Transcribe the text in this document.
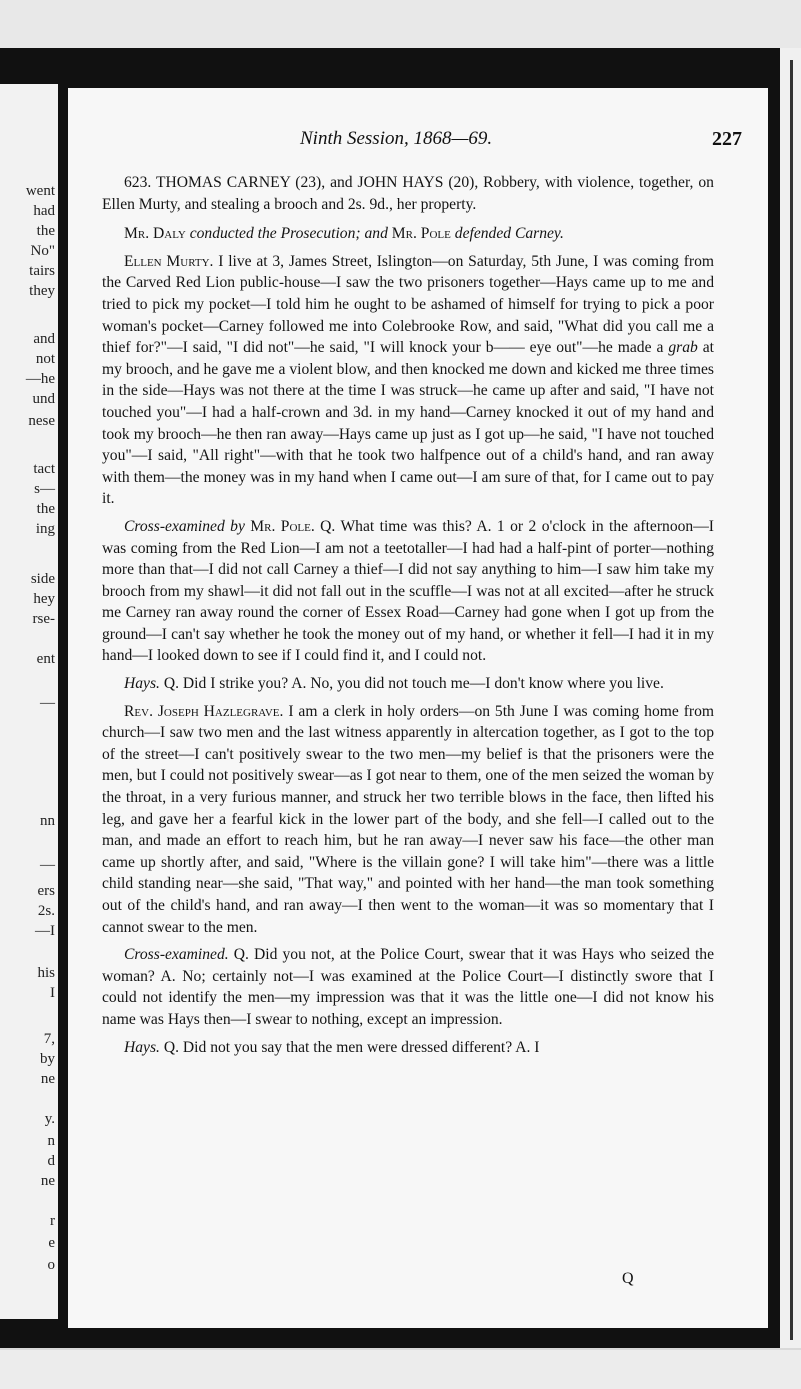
went
had
the
No"
tairs
they
and
not
—he
und
nese
tact
s—
the
ing
side
hey
rse-
ent
—
nn
—
ers
2s.
—I
his
I
7,
by
ne
y.
n
d
ne
r
e
o
Ninth Session, 1868—69.	227

623. THOMAS CARNEY (23), and JOHN HAYS (20), Robbery, with violence, together, on Ellen Murty, and stealing a brooch and 2s. 9d., her property.

Mr. Daly conducted the Prosecution; and Mr. Pole defended Carney.

Ellen Murty. I live at 3, James Street, Islington—on Saturday, 5th June, I was coming from the Carved Red Lion public-house—I saw the two prisoners together—Hays came up to me and tried to pick my pocket—I told him he ought to be ashamed of himself for trying to pick a poor woman's pocket—Carney followed me into Colebrooke Row, and said, "What did you call me a thief for?"—I said, "I did not"—he said, "I will knock your b—— eye out"—he made a grab at my brooch, and he gave me a violent blow, and then knocked me down and kicked me three times in the side—Hays was not there at the time I was struck—he came up after and said, "I have not touched you"—I had a half-crown and 3d. in my hand—Carney knocked it out of my hand and took my brooch—he then ran away—Hays came up just as I got up—he said, "I have not touched you"—I said, "All right"—with that he took two halfpence out of a child's hand, and ran away with them—the money was in my hand when I came out—I am sure of that, for I came out to pay it.

Cross-examined by Mr. Pole. Q. What time was this? A. 1 or 2 o'clock in the afternoon—I was coming from the Red Lion—I am not a teetotaller—I had had a half-pint of porter—nothing more than that—I did not call Carney a thief—I did not say anything to him—I saw him take my brooch from my shawl—it did not fall out in the scuffle—I was not at all excited—after he struck me Carney ran away round the corner of Essex Road—Carney had gone when I got up from the ground—I can't say whether he took the money out of my hand, or whether it fell—I had it in my hand—I looked down to see if I could find it, and I could not.

Hays. Q. Did I strike you? A. No, you did not touch me—I don't know where you live.

Rev. Joseph Hazlegrave. I am a clerk in holy orders—on 5th June I was coming home from church—I saw two men and the last witness apparently in altercation together, as I got to the top of the street—I can't positively swear to the two men—my belief is that the prisoners were the men, but I could not positively swear—as I got near to them, one of the men seized the woman by the throat, in a very furious manner, and struck her two terrible blows in the face, then lifted his leg, and gave her a fearful kick in the lower part of the body, and she fell—I called out to the man, and made an effort to reach him, but he ran away—I never saw his face—the other man came up shortly after, and said, "Where is the villain gone? I will take him"—there was a little child standing near—she said, "That way," and pointed with her hand—the man took something out of the child's hand, and ran away—I then went to the woman—it was so momentary that I cannot swear to the men.

Cross-examined. Q. Did you not, at the Police Court, swear that it was Hays who seized the woman? A. No; certainly not—I was examined at the Police Court—I distinctly swore that I could not identify the men—my impression was that it was the little one—I did not know his name was Hays then—I swear to nothing, except an impression.

Hays. Q. Did not you say that the men were dressed different? A. I

Q
